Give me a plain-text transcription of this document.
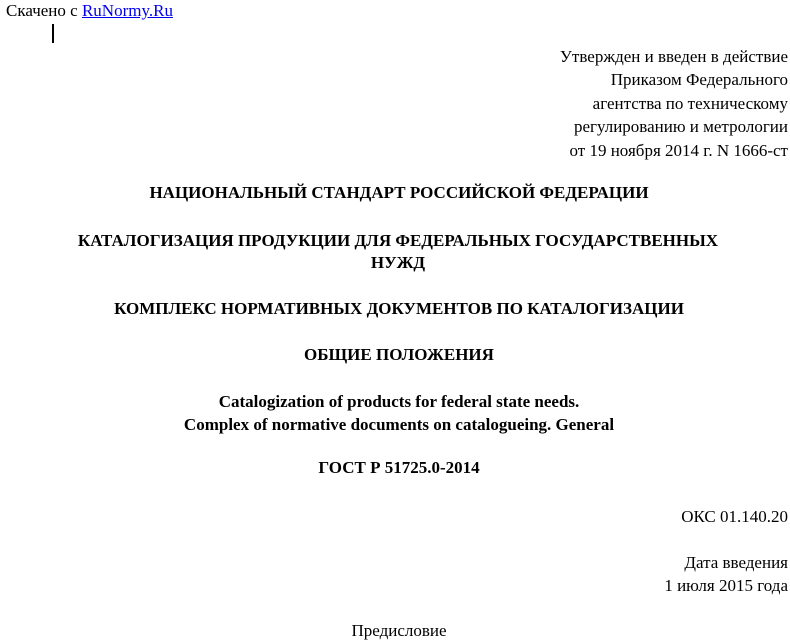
Скачено с RuNormy.Ru
Утвержден и введен в действие
Приказом Федерального
агентства по техническому
регулированию и метрологии
от 19 ноября 2014 г. N 1666-ст
НАЦИОНАЛЬНЫЙ СТАНДАРТ РОССИЙСКОЙ ФЕДЕРАЦИИ
КАТАЛОГИЗАЦИЯ ПРОДУКЦИИ ДЛЯ ФЕДЕРАЛЬНЫХ ГОСУДАРСТВЕННЫХ
НУЖД
КОМПЛЕКС НОРМАТИВНЫХ ДОКУМЕНТОВ ПО КАТАЛОГИЗАЦИИ
ОБЩИЕ ПОЛОЖЕНИЯ
Catalogization of products for federal state needs.
Complex of normative documents on catalogueing. General
ГОСТ Р 51725.0-2014
ОКС 01.140.20
Дата введения
1 июля 2015 года
Предисловие
